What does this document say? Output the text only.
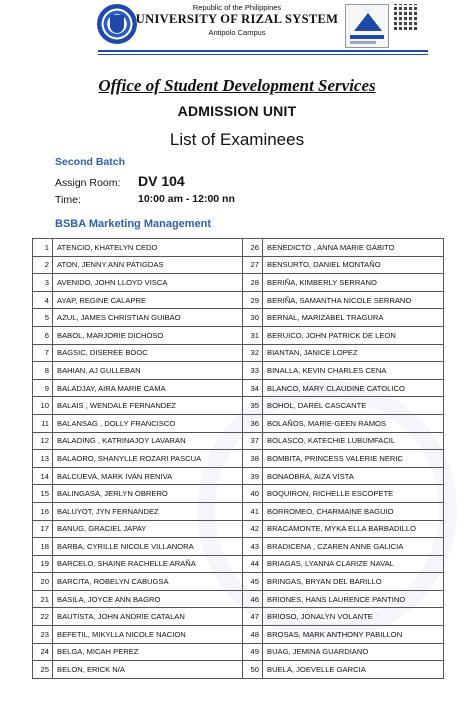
Republic of the Philippines
UNIVERSITY OF RIZAL SYSTEM
Antipolo Campus
Office of Student Development Services
ADMISSION UNIT
List of Examinees
Second Batch
Assign Room: DV 104
Time:	10:00 am - 12:00 nn
BSBA Marketing Management
1	ATENCIO, KHATELYN CEDO	26	BENEDICTO , ANNA MARIE GABITO
2	ATON, JENNY ANN PATIGDAS	27	BENSURTO, DANIEL MONTAÑO
3	AVENIDO, JOHN LLOYD VISCA	28	BERIÑA, KIMBERLY SERRANO
4	AYAP, REGINE CALAPRE	29	BERIÑA, SAMANTHA NICOLE SERRANO
5	AZUL, JAMES CHRISTIAN GUIBAO	30	BERNAL, MARIZABEL TRAGURA
6	BABOL, MARJORIE DICHOSO	31	BERUICO, JOHN PATRICK DE LEON
7	BAGSIC, DISEREE BOOC	32	BIANTAN, JANICE LOPEZ
8	BAHIAN, AJ GULLEBAN	33	BINALLA, KEVIN CHARLES CENA
9	BALADJAY, AIRA MARIE CAMA	34	BLANCO, MARY CLAUDINE CATOLICO
10	BALAIS , WENDALE FERNANDEZ	35	BOHOL, DAREL CASCANTE
11	BALANSAG , DOLLY FRANCISCO	36	BOLAÑOS, MARIE-GEEN RAMOS
12	BALAOING , KATRINAJOY LAVARAN	37	BOLASCO, KATECHIE LUBUMFACIL
13	BALAORO, SHANYLLE ROZARI PASCUA	38	BOMBITA, PRINCESS VALERIE NERIC
14	BALCUEVA, MARK IVAN RENIVA	39	BONAOBRA, AIZA VISTA
15	BALINGASA, JERLYN OBRERO	40	BOQUIRON, RICHELLE ESCOPETE
16	BALUYOT, JYN FERNANDEZ	41	BORROMEO, CHARMAINE BAGUIO
17	BANUG, GRACIEL JAPAY	42	BRACAMONTE, MYKA ELLA BARBADILLO
18	BARBA, CYRILLE NICOLE VILLANORA	43	BRADICENA , CZAREN ANNE GALICIA
19	BARCELO, SHAINE RACHELLE ARAÑA	44	BRIAGAS, LYANNA CLARIZE NAVAL
20	BARCITA, ROBELYN CABUGSA	45	BRINGAS, BRYAN DEL BARILLO
21	BASILA, JOYCE ANN BAGRO	46	BRIONES, HANS LAURENCE PANTINO
22	BAUTISTA, JOHN ANDRIE CATALAN	47	BRIOSO, JONALYN VOLANTE
23	BEFETIL, MIKYLLA NICOLE NACION	48	BROSAS, MARK ANTHONY PABILLON
24	BELGA, MICAH PEREZ	49	BUAG, JEMINA GUARDIANO
25	BELON, ERICK N/A	50	BUELA, JOEVELLE GARCIA
